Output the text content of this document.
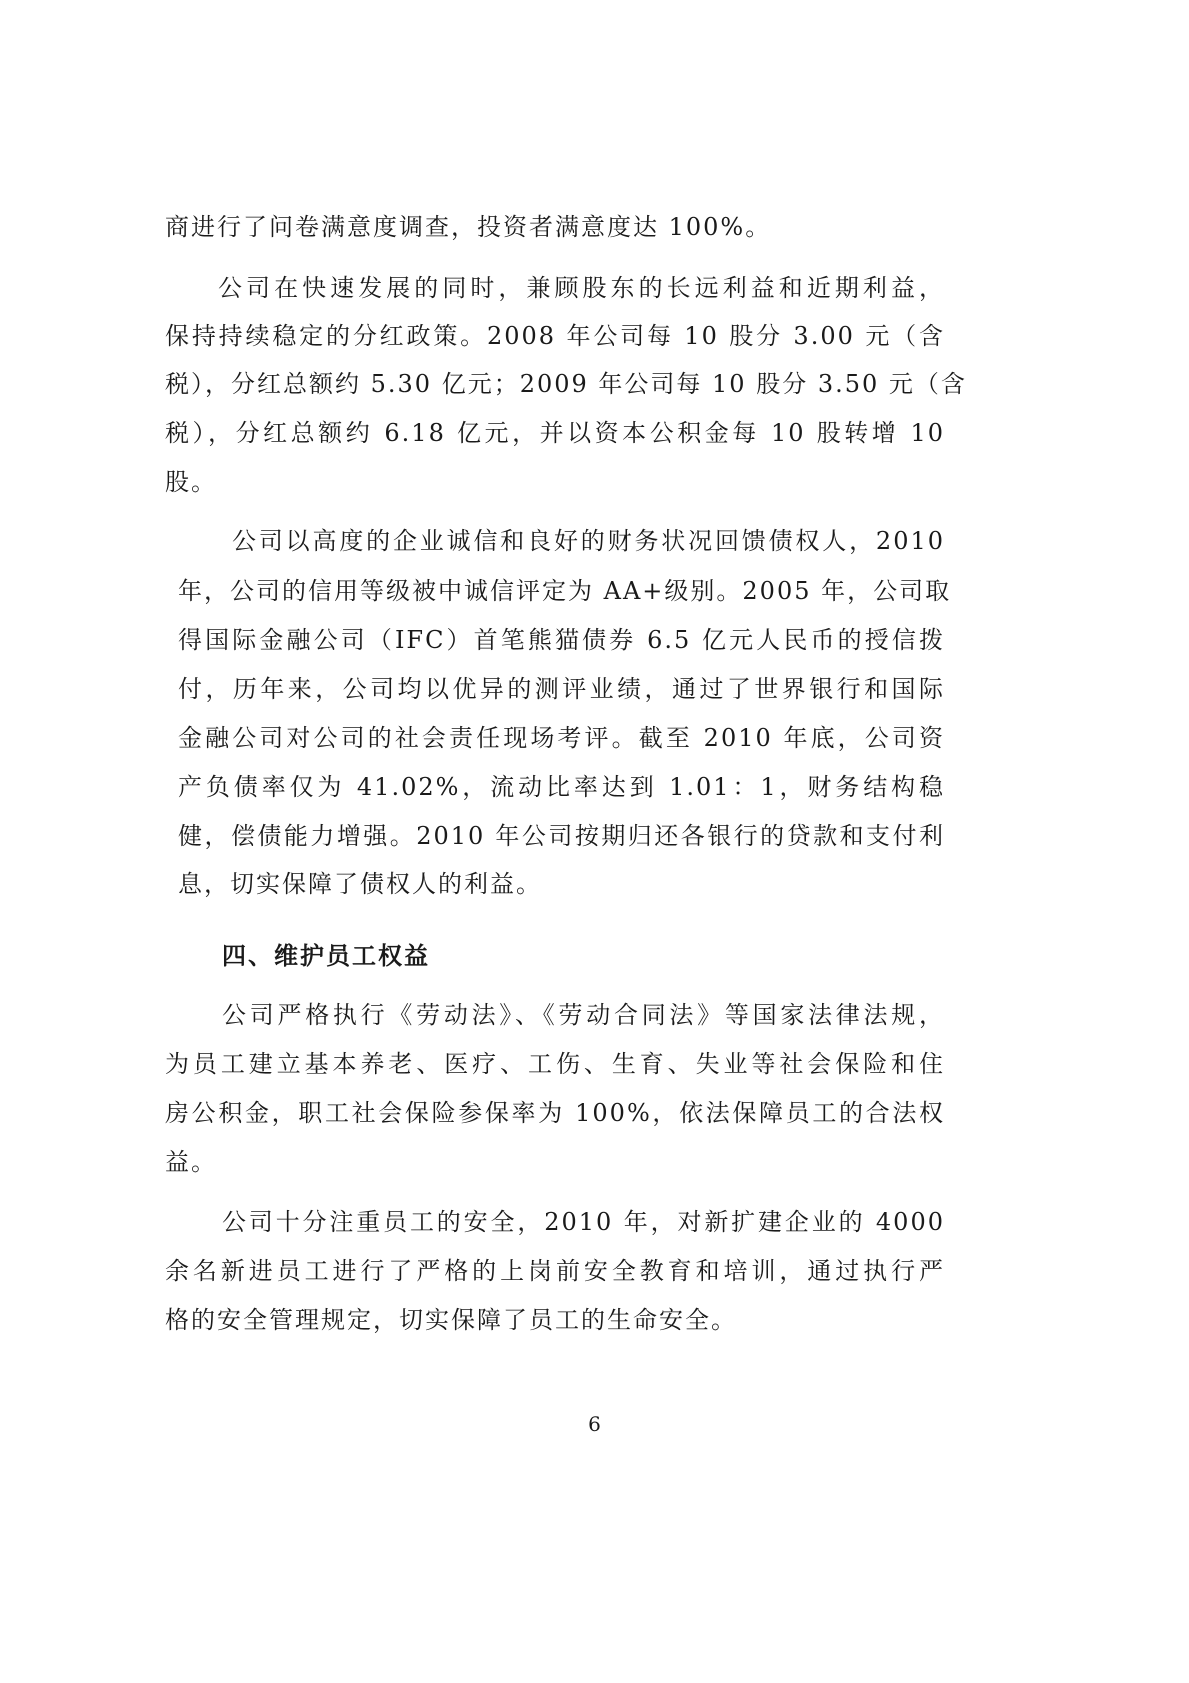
商进行了问卷满意度调查，投资者满意度达 100%。
公司在快速发展的同时，兼顾股东的长远利益和近期利益，
保持持续稳定的分红政策。2008 年公司每 10 股分 3.00 元（含
税），分红总额约 5.30 亿元；2009 年公司每 10 股分 3.50 元（含
税），分红总额约 6.18 亿元，并以资本公积金每 10 股转增 10
股。
公司以高度的企业诚信和良好的财务状况回馈债权人，2010
年，公司的信用等级被中诚信评定为 AA+级别。2005 年，公司取
得国际金融公司（IFC）首笔熊猫债券 6.5 亿元人民币的授信拨
付，历年来，公司均以优异的测评业绩，通过了世界银行和国际
金融公司对公司的社会责任现场考评。截至 2010 年底，公司资
产负债率仅为 41.02%，流动比率达到 1.01：1，财务结构稳
健，偿债能力增强。2010 年公司按期归还各银行的贷款和支付利
息，切实保障了债权人的利益。
四、维护员工权益
公司严格执行《劳动法》、《劳动合同法》等国家法律法规，
为员工建立基本养老、医疗、工伤、生育、失业等社会保险和住
房公积金，职工社会保险参保率为 100%，依法保障员工的合法权
益。
公司十分注重员工的安全，2010 年，对新扩建企业的 4000
余名新进员工进行了严格的上岗前安全教育和培训，通过执行严
格的安全管理规定，切实保障了员工的生命安全。
6
